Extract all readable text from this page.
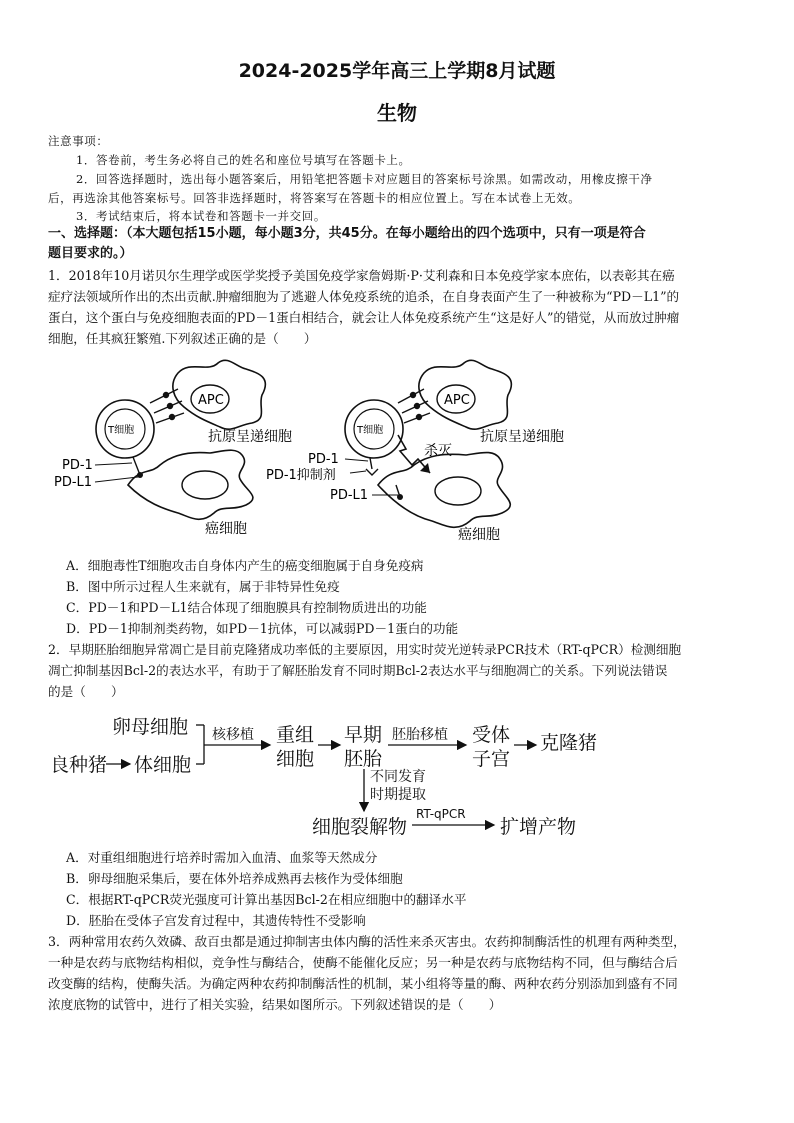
2024-2025学年高三上学期8月试题
生物
注意事项：
1．答卷前，考生务必将自己的姓名和座位号填写在答题卡上。
2．回答选择题时，选出每小题答案后，用铅笔把答题卡对应题目的答案标号涂黑。如需改动，用橡皮擦干净
后，再选涂其他答案标号。回答非选择题时，将答案写在答题卡的相应位置上。写在本试卷上无效。
3．考试结束后，将本试卷和答题卡一并交回。
一、选择题：（本大题包括15小题，每小题3分，共45分。在每小题给出的四个选项中，只有一项是符合
题目要求的。）
1．2018年10月诺贝尔生理学或医学奖授予美国免疫学家詹姆斯·P·艾利森和日本免疫学家本庶佑，以表彰其在癌
症疗法领域所作出的杰出贡献.肿瘤细胞为了逃避人体免疫系统的追杀，在自身表面产生了一种被称为“PD－L1”的
蛋白，这个蛋白与免疫细胞表面的PD－1蛋白相结合，就会让人体免疫系统产生“这是好人”的错觉，从而放过肿瘤
细胞，任其疯狂繁殖.下列叙述正确的是（　　）
APC
T细胞	抗原呈递细胞
PD-1
PD-L1
癌细胞
APC
T细胞	抗原呈递细胞
杀灭
PD-1
PD-1抑制剂
PD-L1
癌细胞
A．细胞毒性T细胞攻击自身体内产生的癌变细胞属于自身免疫病
B．图中所示过程人生来就有，属于非特异性免疫
C．PD－1和PD－L1结合体现了细胞膜具有控制物质进出的功能
D．PD－1抑制剂类药物，如PD－1抗体，可以减弱PD－1蛋白的功能
2．早期胚胎细胞异常凋亡是目前克隆猪成功率低的主要原因，用实时荧光逆转录PCR技术（RT-qPCR）检测细胞
凋亡抑制基因Bcl-2的表达水平，有助于了解胚胎发育不同时期Bcl-2表达水平与细胞凋亡的关系。下列说法错误
的是（　　）
卵母细胞
良种猪 体细胞
重组
细胞
早期
胚胎
受体
子宫
克隆猪
细胞裂解物	扩增产物
核移植	胚胎移植
不同发育
时期提取
RT-qPCR
A．对重组细胞进行培养时需加入血清、血浆等天然成分
B．卵母细胞采集后，要在体外培养成熟再去核作为受体细胞
C．根据RT-qPCR荧光强度可计算出基因Bcl-2在相应细胞中的翻译水平
D．胚胎在受体子宫发育过程中，其遗传特性不受影响
3．两种常用农药久效磷、敌百虫都是通过抑制害虫体内酶的活性来杀灭害虫。农药抑制酶活性的机理有两种类型，
一种是农药与底物结构相似，竞争性与酶结合，使酶不能催化反应；另一种是农药与底物结构不同，但与酶结合后
改变酶的结构，使酶失活。为确定两种农药抑制酶活性的机制，某小组将等量的酶、两种农药分别添加到盛有不同
浓度底物的试管中，进行了相关实验，结果如图所示。下列叙述错误的是（　　）
